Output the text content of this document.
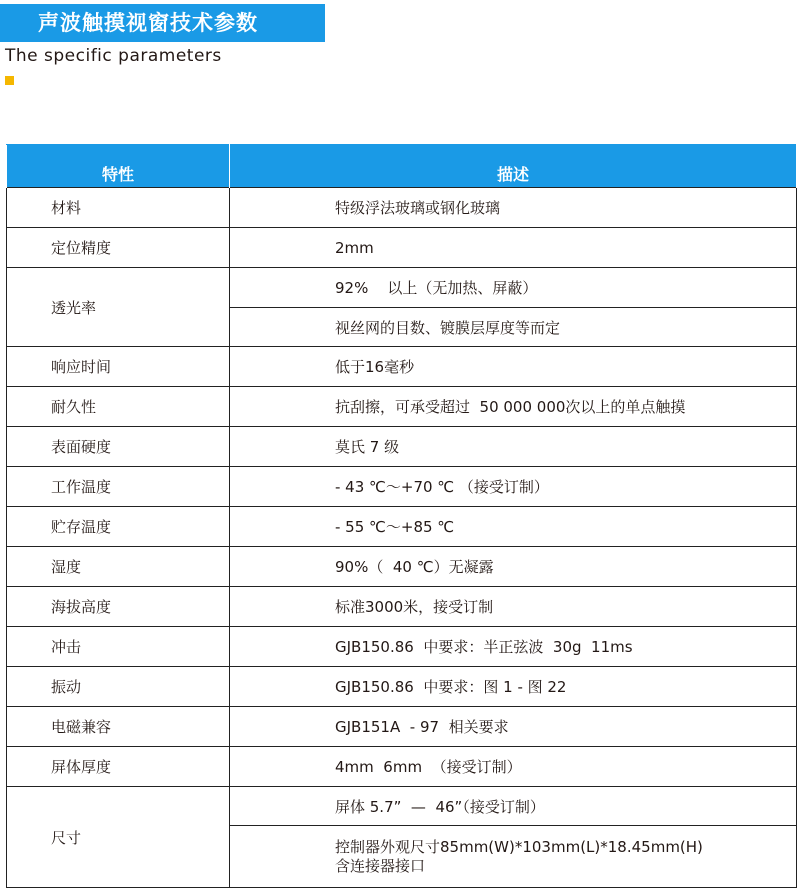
声波触摸视窗技术参数
The specific parameters
特性	描述
材料	特级浮法玻璃或钢化玻璃
定位精度	2mm
透光率	92%    以上（无加热、屏蔽）
	视丝网的目数、镀膜层厚度等而定
响应时间	低于16毫秒
耐久性	抗刮擦，可承受超过  50 000 000次以上的单点触摸
表面硬度	莫氏 7 级
工作温度	- 43 ℃～+70 ℃ （接受订制）
贮存温度	- 55 ℃～+85 ℃
湿度	90%（  40 ℃）无凝露
海拔高度	标准3000米，接受订制
冲击	GJB150.86  中要求：半正弦波  30g  11ms
振动	GJB150.86  中要求：图 1 - 图 22
电磁兼容	GJB151A  - 97  相关要求
屏体厚度	4mm  6mm  （接受订制）
尺寸	屏体 5.7”  —  46”（接受订制）

	控制器外观尺寸85mm(W)*103mm(L)*18.45mm(H)
含连接器接口
